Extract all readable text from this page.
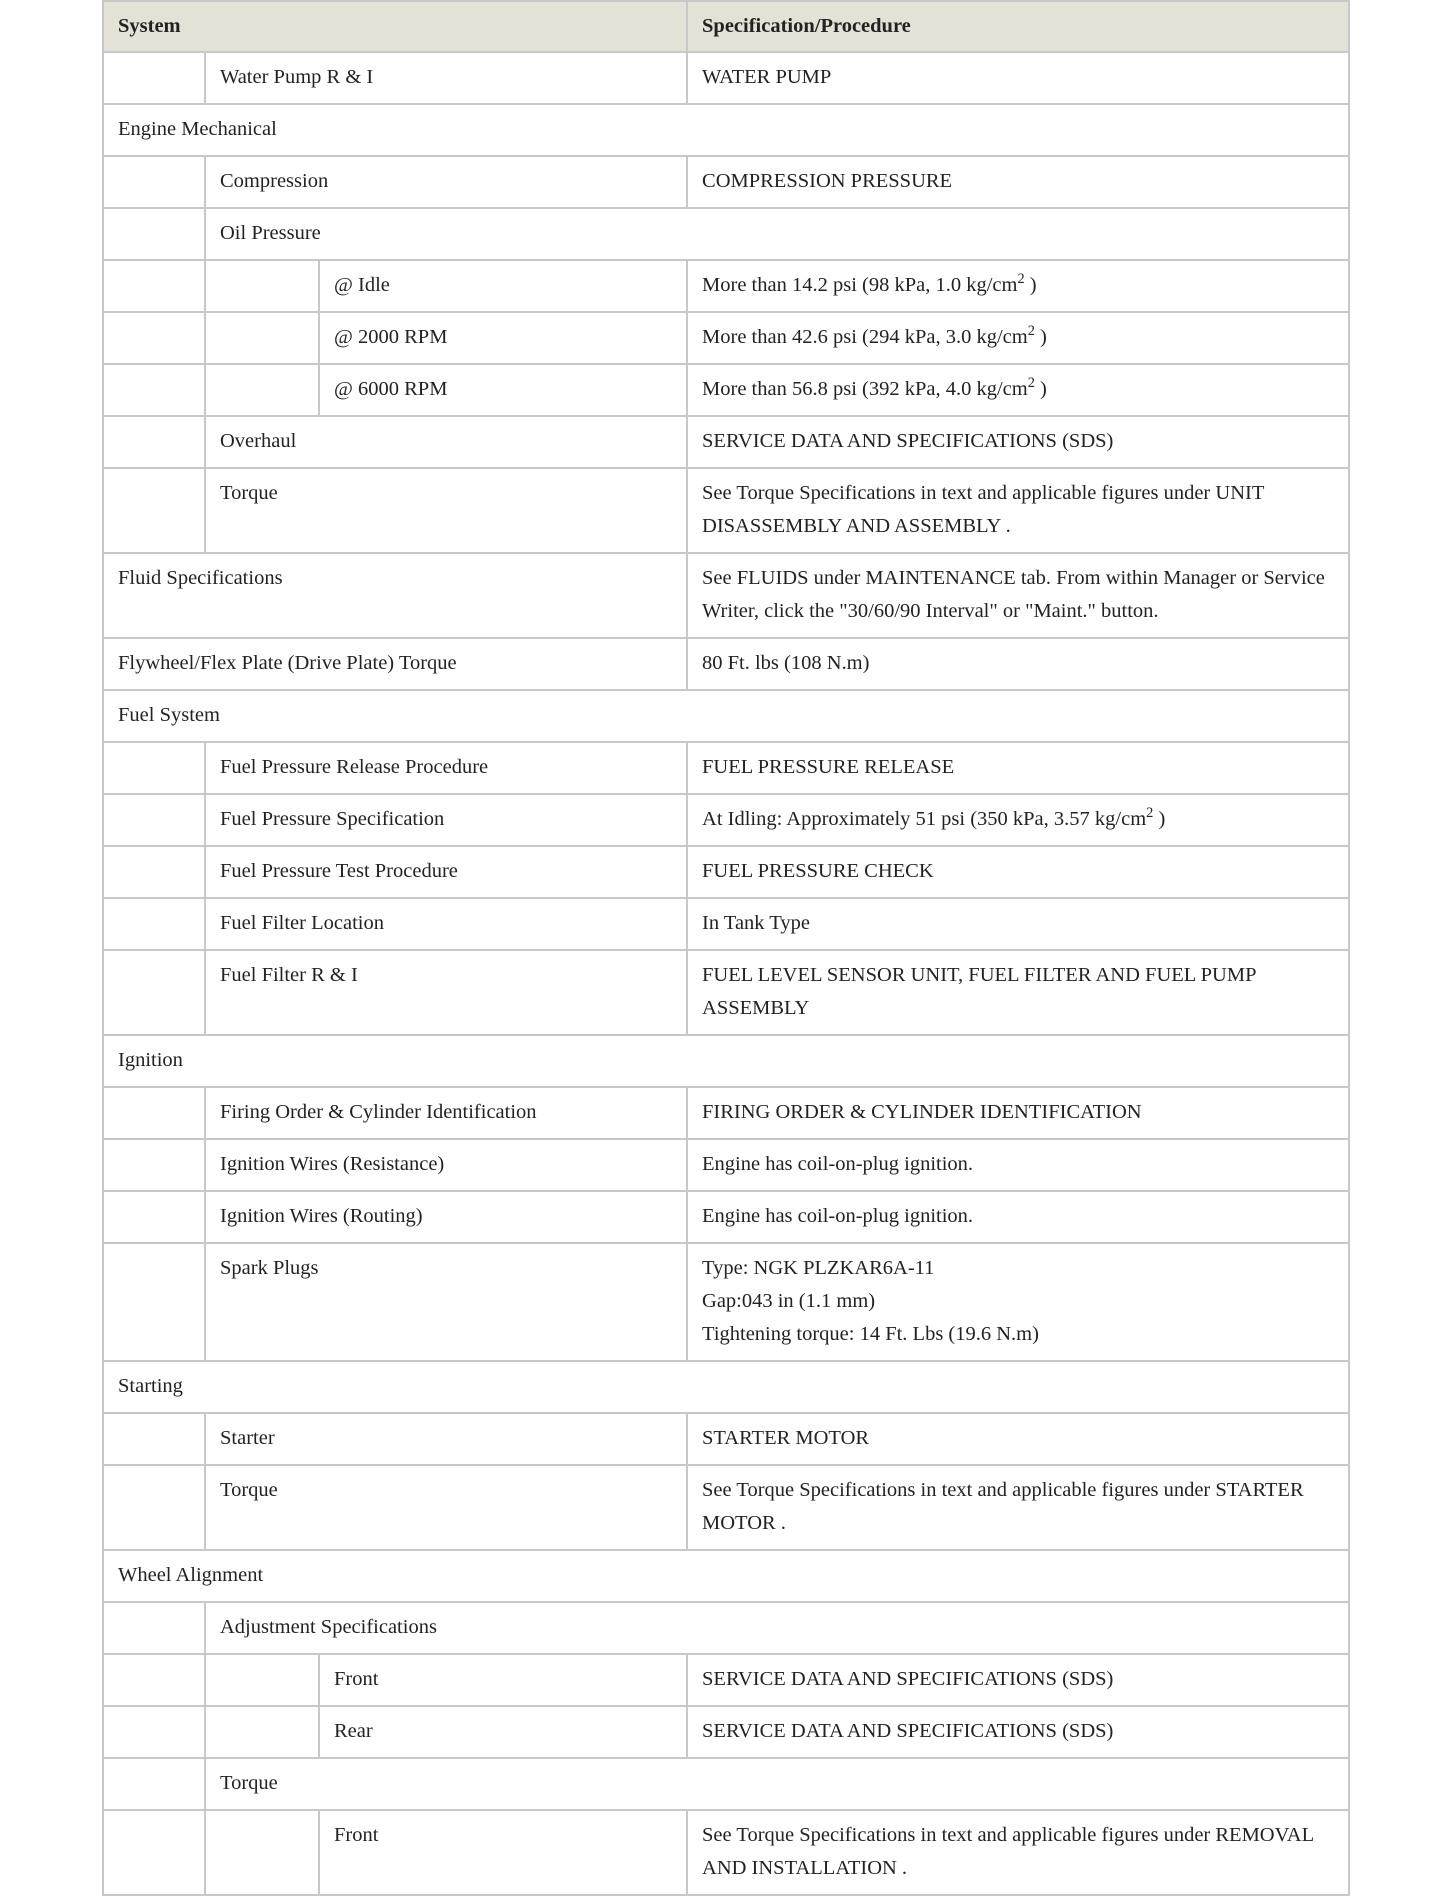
System			Specification/Procedure
	Water Pump R & I		WATER PUMP

Engine Mechanical			
	Compression		COMPRESSION PRESSURE

	Oil Pressure		
		@ Idle	More than 14.2 psi (98 kPa, 1.0 $kg/cm^2$ )

		@ 2000 RPM	More than 42.6 psi (294 kPa, 3.0 $kg/cm^2$ )

		@ 6000 RPM	More than 56.8 psi (392 kPa, 4.0 $kg/cm^2$ )

	Overhaul		SERVICE DATA AND SPECIFICATIONS (SDS)

	Torque		See Torque Specifications in text and applicable figures under UNIT DISASSEMBLY AND ASSEMBLY .

Fluid Specifications			See FLUIDS under MAINTENANCE tab. From within Manager or Service Writer, click the "30/60/90 Interval" or "Maint." button.

Flywheel/Flex Plate (Drive Plate) Torque			80 Ft. lbs (108 N.m)

Fuel System			
	Fuel Pressure Release Procedure		FUEL PRESSURE RELEASE

	Fuel Pressure Specification		At Idling: Approximately 51 psi (350 kPa, 3.57 $kg/cm^2$ )

	Fuel Pressure Test Procedure		FUEL PRESSURE CHECK

	Fuel Filter Location		In Tank Type

	Fuel Filter R & I		FUEL LEVEL SENSOR UNIT, FUEL FILTER AND FUEL PUMP ASSEMBLY

Ignition			
	Firing Order & Cylinder Identification		FIRING ORDER & CYLINDER IDENTIFICATION

	Ignition Wires (Resistance)		Engine has coil-on-plug ignition.

	Ignition Wires (Routing)		Engine has coil-on-plug ignition.

	Spark Plugs		Type: NGK PLZKAR6A-11
Gap:043 in (1.1 mm)
Tightening torque: 14 Ft. Lbs (19.6 N.m)

Starting			
	Starter		STARTER MOTOR

	Torque		See Torque Specifications in text and applicable figures under STARTER MOTOR .

Wheel Alignment			
	Adjustment Specifications		
		Front	SERVICE DATA AND SPECIFICATIONS (SDS)

		Rear	SERVICE DATA AND SPECIFICATIONS (SDS)

	Torque		
		Front	See Torque Specifications in text and applicable figures under REMOVAL AND INSTALLATION .
